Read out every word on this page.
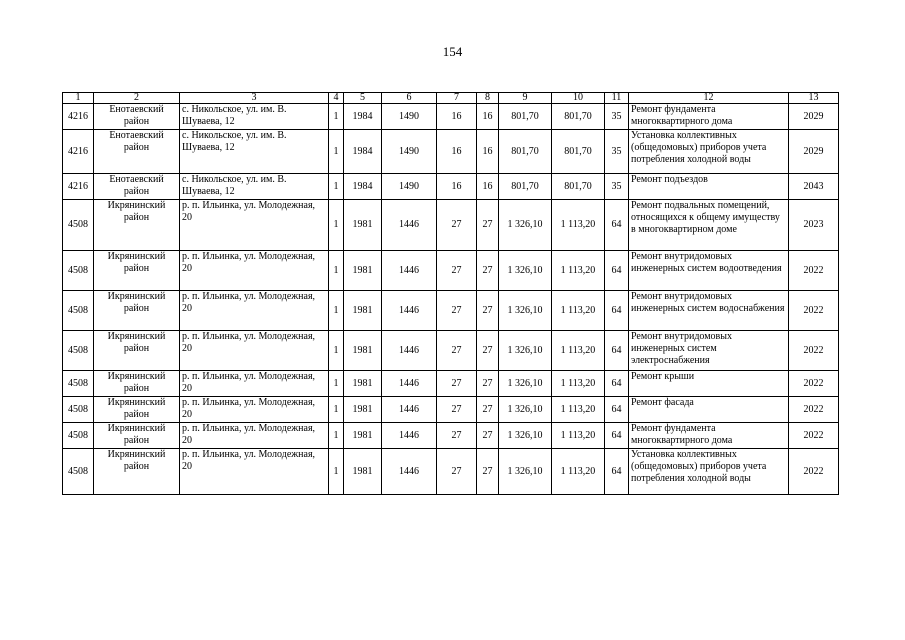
154
1	2	3	4	5	6	7	8	9	10	11	12	13
4216	Енотаевский район	с. Никольское, ул. им. В. Шуваева, 12	1	1984	1490	16	16	801,70	801,70	35	Ремонт фундамента многоквартирного дома	2029
4216	Енотаевский район	с. Никольское, ул. им. В. Шуваева, 12	1	1984	1490	16	16	801,70	801,70	35	Установка коллективных (общедомовых) приборов учета потребления холодной воды	2029
4216	Енотаевский район	с. Никольское, ул. им. В. Шуваева, 12	1	1984	1490	16	16	801,70	801,70	35	Ремонт подъездов	2043
4508	Икрянинский район	р. п. Ильинка, ул. Молодежная, 20	1	1981	1446	27	27	1 326,10	1 113,20	64	Ремонт подвальных помещений, относящихся к общему имуществу в многоквартирном доме	2023
4508	Икрянинский район	р. п. Ильинка, ул. Молодежная, 20	1	1981	1446	27	27	1 326,10	1 113,20	64	Ремонт внутридомовых инженерных систем водоотведения	2022
4508	Икрянинский район	р. п. Ильинка, ул. Молодежная, 20	1	1981	1446	27	27	1 326,10	1 113,20	64	Ремонт внутридомовых инженерных систем водоснабжения	2022
4508	Икрянинский район	р. п. Ильинка, ул. Молодежная, 20	1	1981	1446	27	27	1 326,10	1 113,20	64	Ремонт внутридомовых инженерных систем электроснабжения	2022
4508	Икрянинский район	р. п. Ильинка, ул. Молодежная, 20	1	1981	1446	27	27	1 326,10	1 113,20	64	Ремонт крыши	2022
4508	Икрянинский район	р. п. Ильинка, ул. Молодежная, 20	1	1981	1446	27	27	1 326,10	1 113,20	64	Ремонт фасада	2022
4508	Икрянинский район	р. п. Ильинка, ул. Молодежная, 20	1	1981	1446	27	27	1 326,10	1 113,20	64	Ремонт фундамента многоквартирного дома	2022
4508	Икрянинский район	р. п. Ильинка, ул. Молодежная, 20	1	1981	1446	27	27	1 326,10	1 113,20	64	Установка коллективных (общедомовых) приборов учета потребления холодной воды	2022
